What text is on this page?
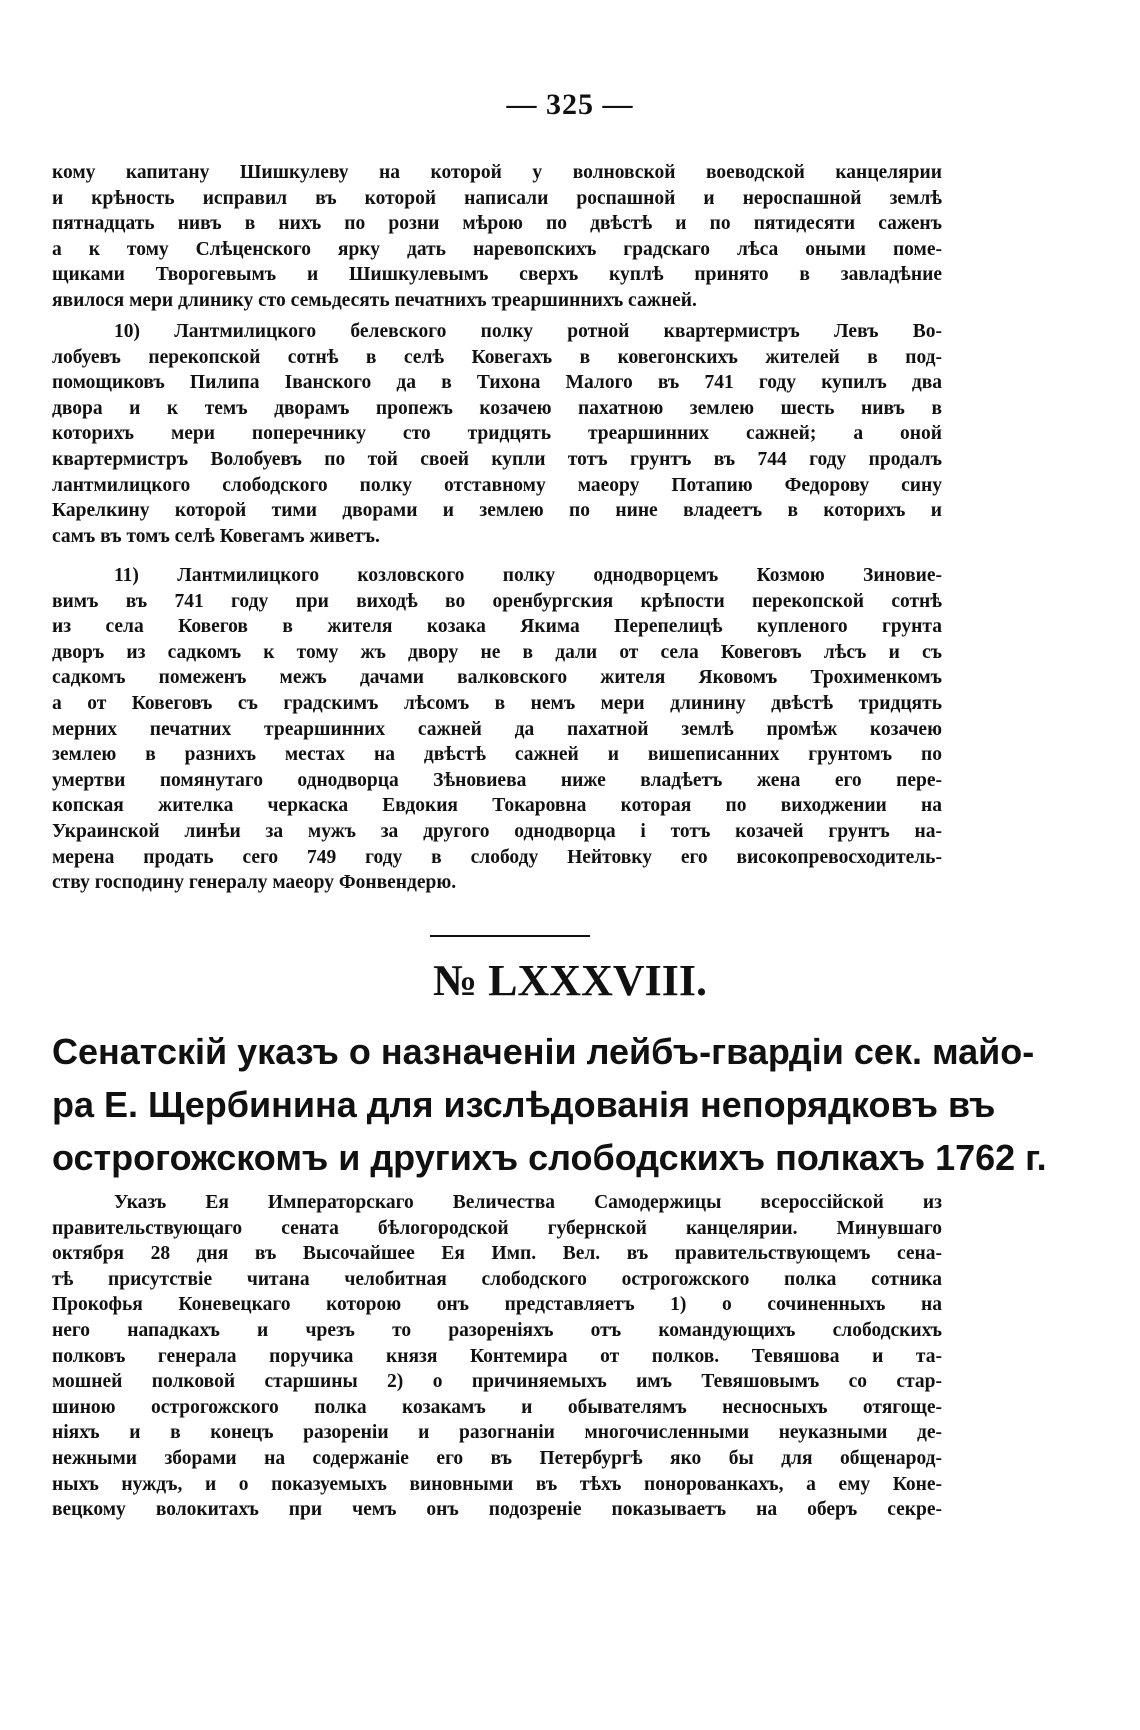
— 325 —
кому капитану Шишкулеву на которой у волновской воеводской канцелярии
и крѣность исправил въ которой написали роспашной и нероспашной землѣ
пятнадцать нивъ в нихъ по розни мѣрою по двѣстѣ и по пятидесяти саженъ
а к тому Слѣценского ярку дать наревопскихъ градскаго лѣса оными поме-
щиками Творогевымъ и Шишкулевымъ сверхъ куплѣ принято в завладѣние
явилося мери длинику сто семьдесять печатнихъ треаршиннихъ сажней.
10) Лантмилицкого белевского полку ротной квартермистръ Левъ Во-
лобуевъ перекопской сотнѣ в селѣ Ковегахъ в ковегонскихъ жителей в под-
помощиковъ Пилипа Іванского да в Тихона Малого въ 741 году купилъ два
двора и к темъ дворамъ пропежъ козачею пахатною землею шесть нивъ в
которихъ мери поперечнику сто тридцять треаршинних сажней; а оной
квартермистръ Волобуевъ по той своей купли тотъ грунтъ въ 744 году продалъ
лантмилицкого слободского полку отставному маеору Потапию Федорову сину
Карелкину которой тими дворами и землею по нине владеетъ в которихъ и
самъ въ томъ селѣ Ковегамъ живетъ.
11) Лантмилицкого козловского полку однодворцемъ Козмою Зиновие-
вимъ въ 741 году при виходѣ во оренбургския крѣпости перекопской сотнѣ
из села Ковегов в жителя козака Якима Перепелицѣ купленого грунта
дворъ из садкомъ к тому жъ двору не в дали от села Ковеговъ лѣсъ и съ
садкомъ помеженъ межъ дачами валковского жителя Яковомъ Трохименкомъ
а от Ковеговъ съ градскимъ лѣсомъ в немъ мери длинину двѣстѣ тридцять
мерних печатних треаршинних сажней да пахатной землѣ промѣж козачею
землею в разнихъ местах на двѣстѣ сажней и вишеписанних грунтомъ по
умертви помянутаго однодворца Зѣновиева ниже владѣетъ жена его пере-
копская жителка черкаска Евдокия Токаровна которая по виходжении на
Украинской линѣи за мужъ за другого однодворца і тотъ козачей грунтъ на-
мерена продать сего 749 году в слободу Нейтовку его високопревосходитель-
ству господину генералу маеору Фонвендерю.
№ LXXXVIII.
Сенатскій указъ о назначеніи лейбъ-гвардіи сек. майо-
ра Е. Щербинина для изслѣдованія непорядковъ въ
острогожскомъ и другихъ слободскихъ полкахъ 1762 г.
Указъ Ея Императорскаго Величества Самодержицы всероссійской из
правительствующаго сената бѣлогородской губернской канцелярии. Минувшаго
октября 28 дня въ Высочайшее Ея Имп. Вел. въ правительствующемъ сена-
тѣ присутствіе читана челобитная слободского острогожского полка сотника
Прокофья Коневецкаго которою онъ представляетъ 1) о сочиненныхъ на
него нападкахъ и чрезъ то разореніяхъ отъ командующихъ слободскихъ
полковъ генерала поручика князя Контемира от полков. Тевяшова и та-
мошней полковой старшины 2) о причиняемыхъ имъ Тевяшовымъ со стар-
шиною острогожского полка козакамъ и обывателямъ несносныхъ отягоще-
ніяхъ и в конецъ разореніи и разогнаніи многочисленными неуказными де-
нежными зборами на содержаніе его въ Петербургѣ яко бы для общенарод-
ныхъ нуждъ, и о показуемыхъ виновными въ тѣхъ понорованкахъ, а ему Коне-
вецкому волокитахъ при чемъ онъ подозреніе показываетъ на оберъ секре-
